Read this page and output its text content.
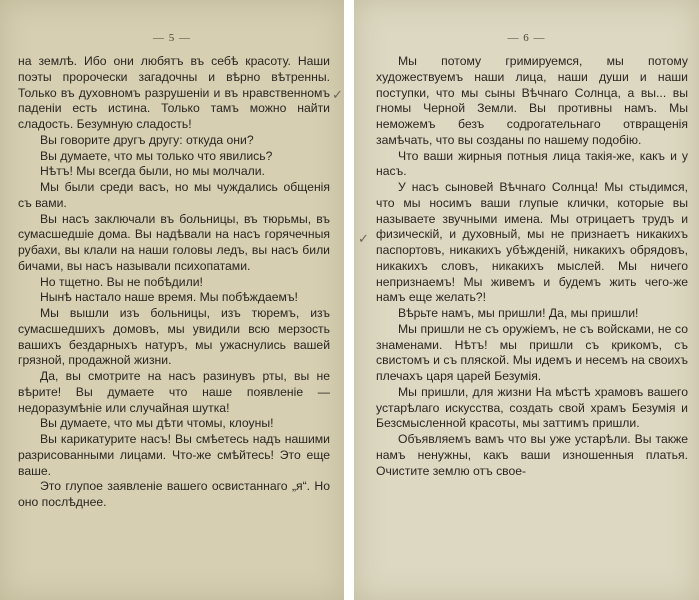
— 5 —

на землѣ. Ибо они любятъ въ себѣ красоту. Наши поэты пророчески загадочны и вѣрно вѣтренны. Только въ духовномъ разрушеніи и въ нравственномъ паденіи есть истина. Только тамъ можно найти сладость. Безумную сладость!

Вы говорите другъ другу: откуда они?

Вы думаете, что мы только что явились?

Нѣтъ! Мы всегда были, но мы молчали.

Мы были среди васъ, но мы чуждались общенія съ вами.

Вы насъ заключали въ больницы, въ тюрьмы, въ сумасшедшіе дома. Вы надѣвали на насъ горячечныя рубахи, вы клали на наши головы ледъ, вы насъ били бичами, вы насъ называли психопатами.

Но тщетно. Вы не побѣдили!

Нынѣ настало наше время. Мы побѣждаемъ!

Мы вышли изъ больницы, изъ тюремъ, изъ сумасшедшихъ домовъ, мы увидили всю мерзость вашихъ бездарныхъ натуръ, мы ужаснулись вашей грязной, продажной жизни.

Да, вы смотрите на насъ разинувъ рты, вы не вѣрите! Вы думаете что наше появленіе — недоразумѣніе или случайная шутка!

Вы думаете, что мы дѣти чтомы, клоуны!

Вы карикатурите насъ! Вы смѣетесь надъ нашими разрисованными лицами. Что-же смѣйтесь! Это еще ваше.

Это глупое заявленіе вашего освистаннаго „я“. Но оно послѣднее.

✓
— 6 —

Мы потому гримируемся, мы потому художествуемъ наши лица, наши души и наши поступки, что мы сыны Вѣчнаго Солнца, а вы... вы гномы Черной Земли. Вы противны намъ. Мы неможемъ безъ содрогательнаго отвращенія замѣчать, что вы созданы по нашему подобію.

Что ваши жирныя потныя лица такія-же, какъ и у насъ.

У насъ сыновей Вѣчнаго Солнца! Мы стыдимся, что мы носимъ ваши глупые клички, которые вы называете звучными имена. Мы отрицаетъ трудъ и физическій, и духовный, мы не признаетъ никакихъ паспортовъ, никакихъ убѣжденій, никакихъ обрядовъ, никакихъ словъ, никакихъ мыслей. Мы ничего непризнаемъ! Мы живемъ и будемъ жить чего-же намъ еще желать?!

Вѣрьте намъ, мы пришли! Да, мы пришли!

Мы пришли не съ оружіемъ, не съ войсками, не со знаменами. Нѣтъ! мы пришли съ крикомъ, съ свистомъ и съ пляской. Мы идемъ и несемъ на своихъ плечахъ царя царей Безумія.

Мы пришли, для жизни На мѣстѣ храмовъ вашего устарѣлаго искусства, создать свой храмъ Безумія и Безсмысленной красоты, мы заттимъ пришли.

Объявляемъ вамъ что вы уже устарѣли. Вы также намъ ненужны, какъ ваши изношенныя платья. Очистите землю отъ свое-

✓
